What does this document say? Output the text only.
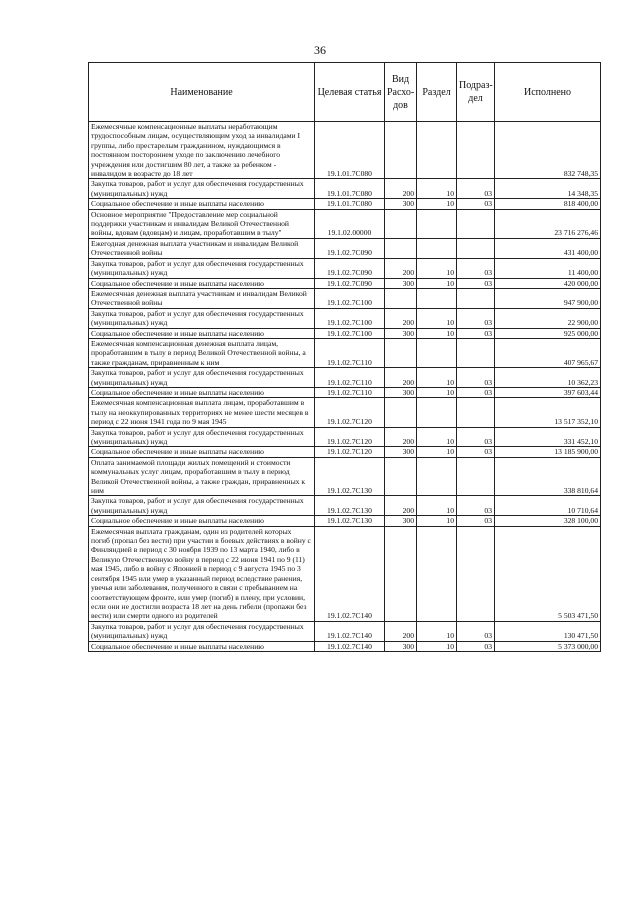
36
Наименование	Целевая статья	Вид Расхо-дов	Раздел	Подраз-дел	Исполнено
Ежемесячные компенсационные выплаты неработающим трудоспособным лицам, осуществляющим уход за инвалидами I группы, либо престарелым гражданином, нуждающимся в постоянном постороннем уходе по заключению лечебного учреждения или достигшим 80 лет, а также за ребенком - инвалидом в возрасте до 18 лет	19.1.01.7С080				832 748,35
Закупка товаров, работ и услуг для обеспечения государственных (муниципальных) нужд	19.1.01.7С080	200	10	03	14 348,35
Социальное обеспечение и иные выплаты населению	19.1.01.7С080	300	10	03	818 400,00
Основное мероприятие "Предоставление мер социальной поддержки участникам и инвалидам Великой Отечественной войны, вдовам (вдовцам) и лицам, проработавшим в тылу"	19.1.02.00000				23 716 276,46
Ежегодная денежная выплата участникам и инвалидам Великой Отечественной войны	19.1.02.7С090				431 400,00
Закупка товаров, работ и услуг для обеспечения государственных (муниципальных) нужд	19.1.02.7С090	200	10	03	11 400,00
Социальное обеспечение и иные выплаты населению	19.1.02.7С090	300	10	03	420 000,00
Ежемесячная денежная выплата участникам и инвалидам Великой Отечественной войны	19.1.02.7С100				947 900,00
Закупка товаров, работ и услуг для обеспечения государственных (муниципальных) нужд	19.1.02.7С100	200	10	03	22 900,00
Социальное обеспечение и иные выплаты населению	19.1.02.7С100	300	10	03	925 000,00
Ежемесячная компенсационная денежная выплата лицам, проработавшим в тылу в период Великой Отечественной войны, а также гражданам, приравненным к ним	19.1.02.7С110				407 965,67
Закупка товаров, работ и услуг для обеспечения государственных (муниципальных) нужд	19.1.02.7С110	200	10	03	10 362,23
Социальное обеспечение и иные выплаты населению	19.1.02.7С110	300	10	03	397 603,44
Ежемесячная компенсационная выплата лицам, проработавшим в тылу на неоккупированных территориях не менее шести месяцев в период с 22 июня 1941 года по 9 мая 1945	19.1.02.7С120				13 517 352,10
Закупка товаров, работ и услуг для обеспечения государственных (муниципальных) нужд	19.1.02.7С120	200	10	03	331 452,10
Социальное обеспечение и иные выплаты населению	19.1.02.7С120	300	10	03	13 185 900,00
Оплата занимаемой площади жилых помещений и стоимости коммунальных услуг лицам, проработавшим в тылу в период Великой Отечественной войны, а также граждан, приравненных к ним	19.1.02.7С130				338 810,64
Закупка товаров, работ и услуг для обеспечения государственных (муниципальных) нужд	19.1.02.7С130	200	10	03	10 710,64
Социальное обеспечение и иные выплаты населению	19.1.02.7С130	300	10	03	328 100,00
Ежемесячная выплата гражданам, один из родителей которых погиб (пропал без вести) при участии в боевых действиях в войну с Финляндией в период с 30 ноября 1939 по 13 марта 1940, либо в Великую Отечественную войну в период с 22 июня 1941 по 9 (11) мая 1945, либо в войну с Японией в период с 9 августа 1945 по 3 сентября 1945 или умер в указанный период вследствие ранения, увечья или заболевания, полученного в связи с пребыванием на соответствующем фронте, или умер (погиб) в плену, при условии, если они не достигли возраста 18 лет на день гибели (пропажи без вести) или смерти одного из родителей	19.1.02.7С140				5 503 471,50
Закупка товаров, работ и услуг для обеспечения государственных (муниципальных) нужд	19.1.02.7С140	200	10	03	130 471,50
Социальное обеспечение и иные выплаты населению	19.1.02.7С140	300	10	03	5 373 000,00
